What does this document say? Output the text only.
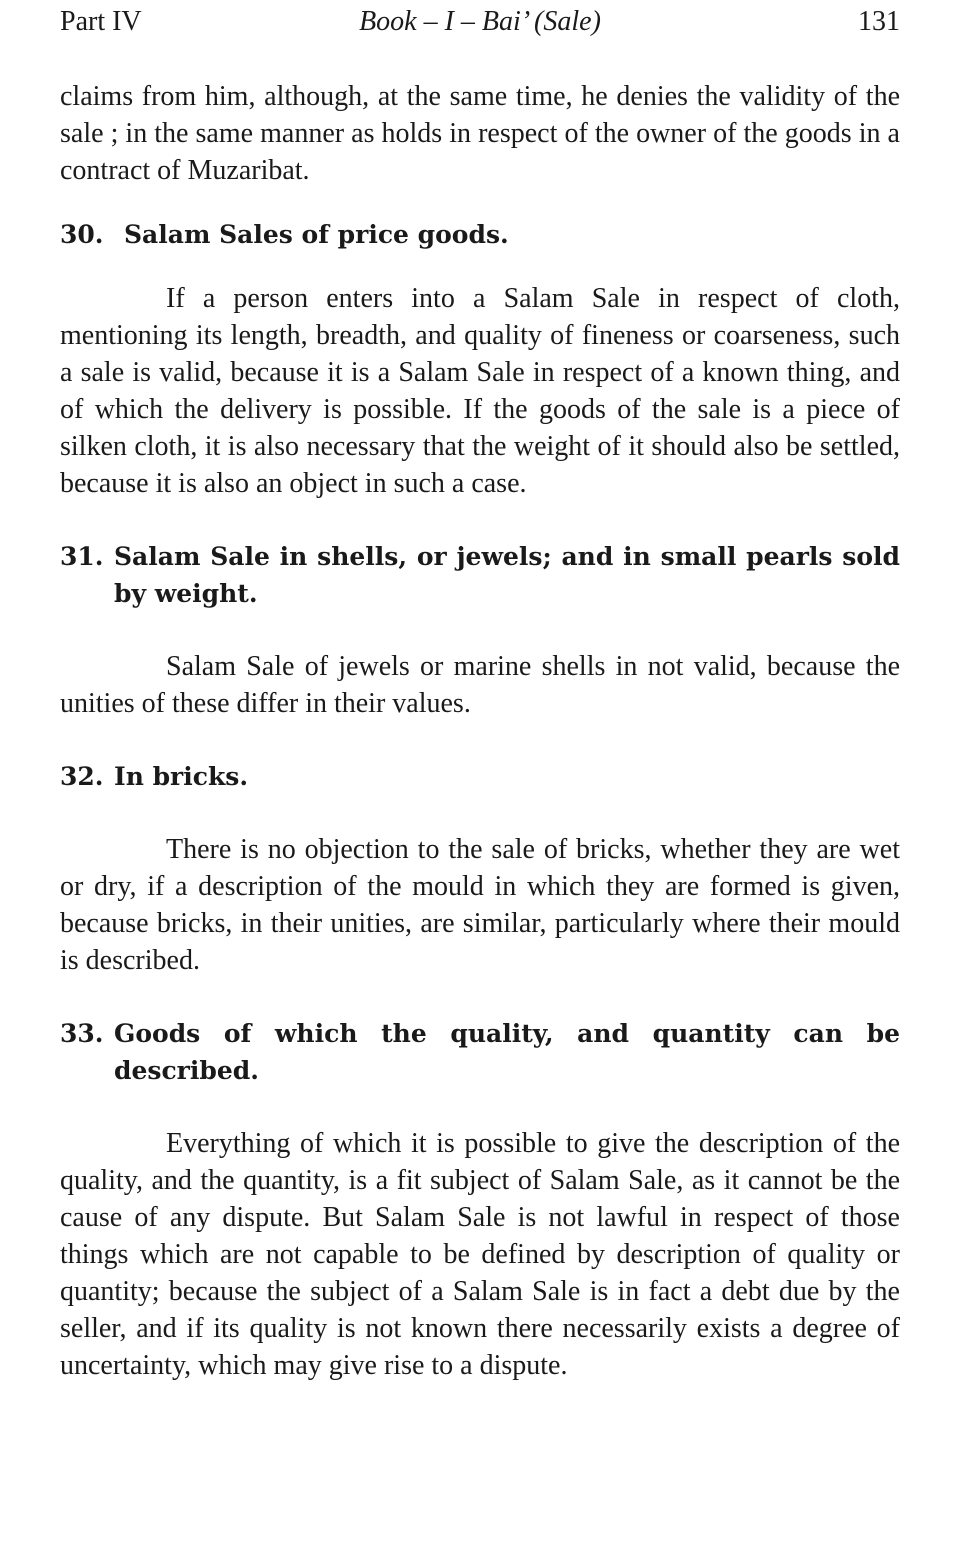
Part IV	Book – I – Bai’ (Sale)	131

claims from him, although, at the same time, he denies the validity of the sale ; in the same manner as holds in respect of the owner of the goods in a contract of Muzaribat.

30. Salam Sales of price goods.

If a person enters into a Salam Sale in respect of cloth, mentioning its length, breadth, and quality of fineness or coarseness, such a sale is valid, because it is a Salam Sale in respect of a known thing, and of which the delivery is possible. If the goods of the sale is a piece of silken cloth, it is also necessary that the weight of it should also be settled, because it is also an object in such a case.

31. Salam Sale in shells, or jewels; and in small pearls sold by weight.

Salam Sale of jewels or marine shells in not valid, because the unities of these differ in their values.

32. In bricks.

There is no objection to the sale of bricks, whether they are wet or dry, if a description of the mould in which they are formed is given, because bricks, in their unities, are similar, particularly where their mould is described.

33. Goods of which the quality, and quantity can be described.

Everything of which it is possible to give the description of the quality, and the quantity, is a fit subject of Salam Sale, as it cannot be the cause of any dispute. But Salam Sale is not lawful in respect of those things which are not capable to be defined by description of quality or quantity; because the subject of a Salam Sale is in fact a debt due by the seller, and if its quality is not known there necessarily exists a degree of uncertainty, which may give rise to a dispute.
